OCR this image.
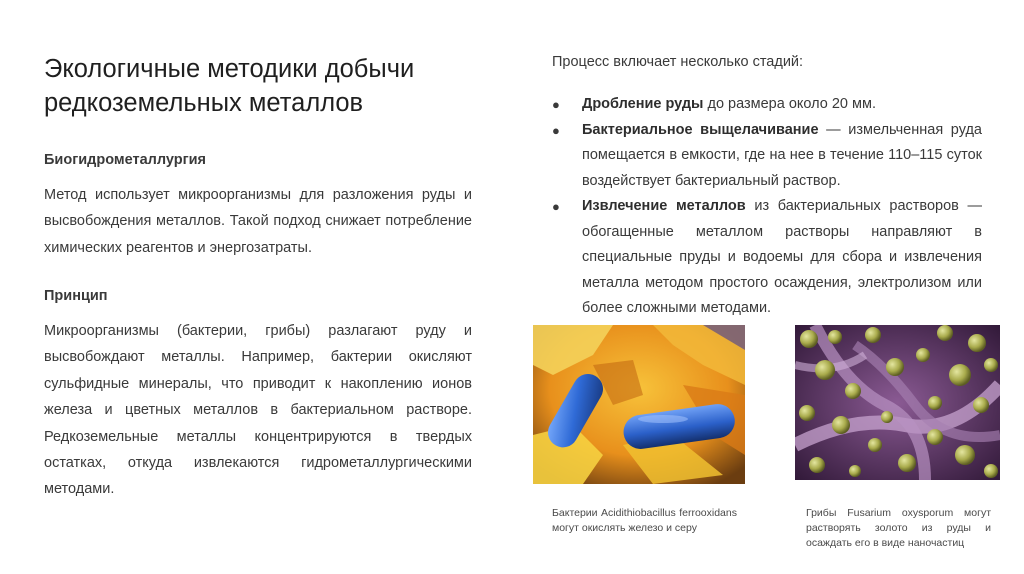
Экологичные методики добычи редкоземельных металлов
Биогидрометаллургия

Метод использует микроорганизмы для разложения руды и высвобождения металлов. Такой подход снижает потребление химических реагентов и энергозатраты.

Принцип

Микроорганизмы (бактерии, грибы) разлагают руду и высвобождают металлы. Например, бактерии окисляют сульфидные минералы, что приводит к накоплению ионов железа и цветных металлов в бактериальном растворе. Редкоземельные металлы концентрируются в твердых остатках, откуда извлекаются гидрометаллургическими методами.

Процесс включает несколько стадий:
● Дробление руды до размера около 20 мм.
● Бактериальное выщелачивание — измельченная руда помещается в емкости, где на нее в течение 110–115 суток воздействует бактериальный раствор.
● Извлечение металлов из бактериальных растворов — обогащенные металлом растворы направляют в специальные пруды и водоемы для сбора и извлечения металла методом простого осаждения, электролизом или более сложными методами.
Бактерии Acidithiobacillus ferrooxidans могут окислять железо и серу
Грибы Fusarium oxysporum могут растворять золото из руды и осаждать его в виде наночастиц
